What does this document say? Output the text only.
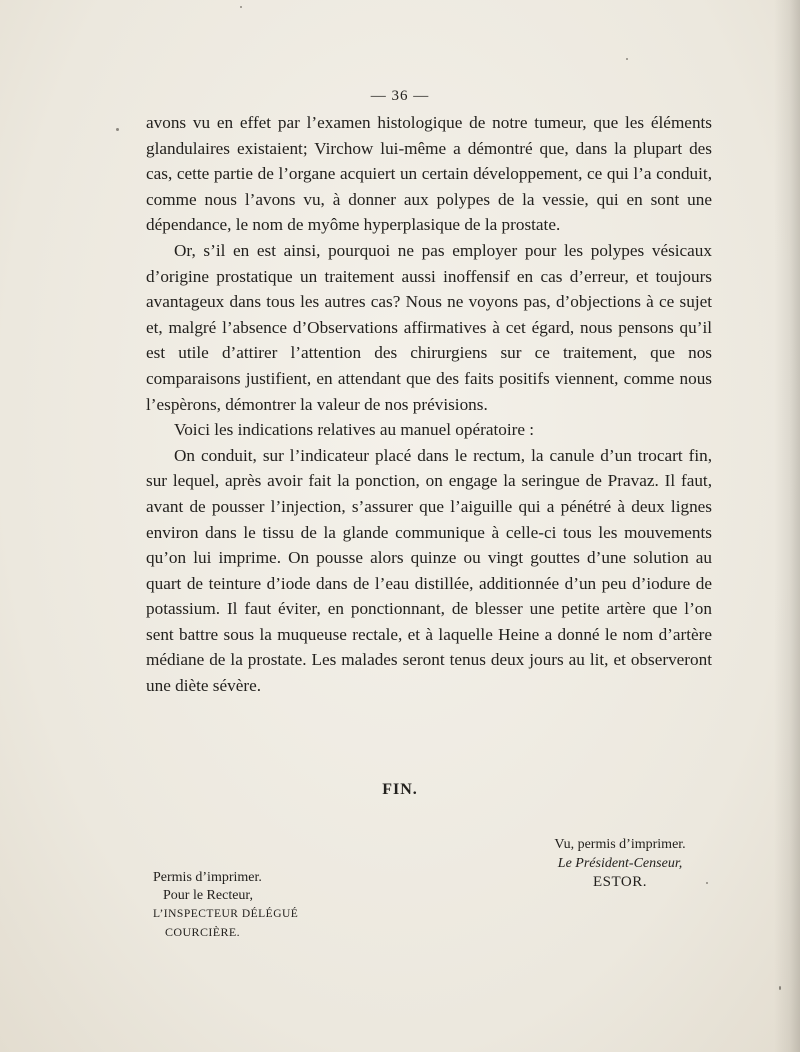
— 36 —

avons vu en effet par l’examen histologique de notre tumeur, que les éléments glandulaires existaient; Virchow lui-même a démontré que, dans la plupart des cas, cette partie de l’organe acquiert un certain développement, ce qui l’a conduit, comme nous l’avons vu, à donner aux polypes de la vessie, qui en sont une dépendance, le nom de myôme hyperplasique de la prostate.

Or, s’il en est ainsi, pourquoi ne pas employer pour les polypes vésicaux d’origine prostatique un traitement aussi inoffensif en cas d’erreur, et toujours avantageux dans tous les autres cas? Nous ne voyons pas, d’objections à ce sujet et, malgré l’absence d’Observations affirmatives à cet égard, nous pensons qu’il est utile d’attirer l’attention des chirurgiens sur ce traitement, que nos comparaisons justifient, en attendant que des faits positifs viennent, comme nous l’espèrons, démontrer la valeur de nos prévisions.

Voici les indications relatives au manuel opératoire :

On conduit, sur l’indicateur placé dans le rectum, la canule d’un trocart fin, sur lequel, après avoir fait la ponction, on engage la seringue de Pravaz. Il faut, avant de pousser l’injection, s’assurer que l’aiguille qui a pénétré à deux lignes environ dans le tissu de la glande communique à celle-ci tous les mouvements qu’on lui imprime. On pousse alors quinze ou vingt gouttes d’une solution au quart de teinture d’iode dans de l’eau distillée, additionnée d’un peu d’iodure de potassium. Il faut éviter, en ponctionnant, de blesser une petite artère que l’on sent battre sous la muqueuse rectale, et à laquelle Heine a donné le nom d’artère médiane de la prostate. Les malades seront tenus deux jours au lit, et observeront une diète sévère.

FIN.
Vu, permis d’imprimer.
Le Président-Censeur,
ESTOR.
Permis d’imprimer.
Pour le Recteur,
L’INSPECTEUR DÉLÉGUÉ
COURCIÈRE.
